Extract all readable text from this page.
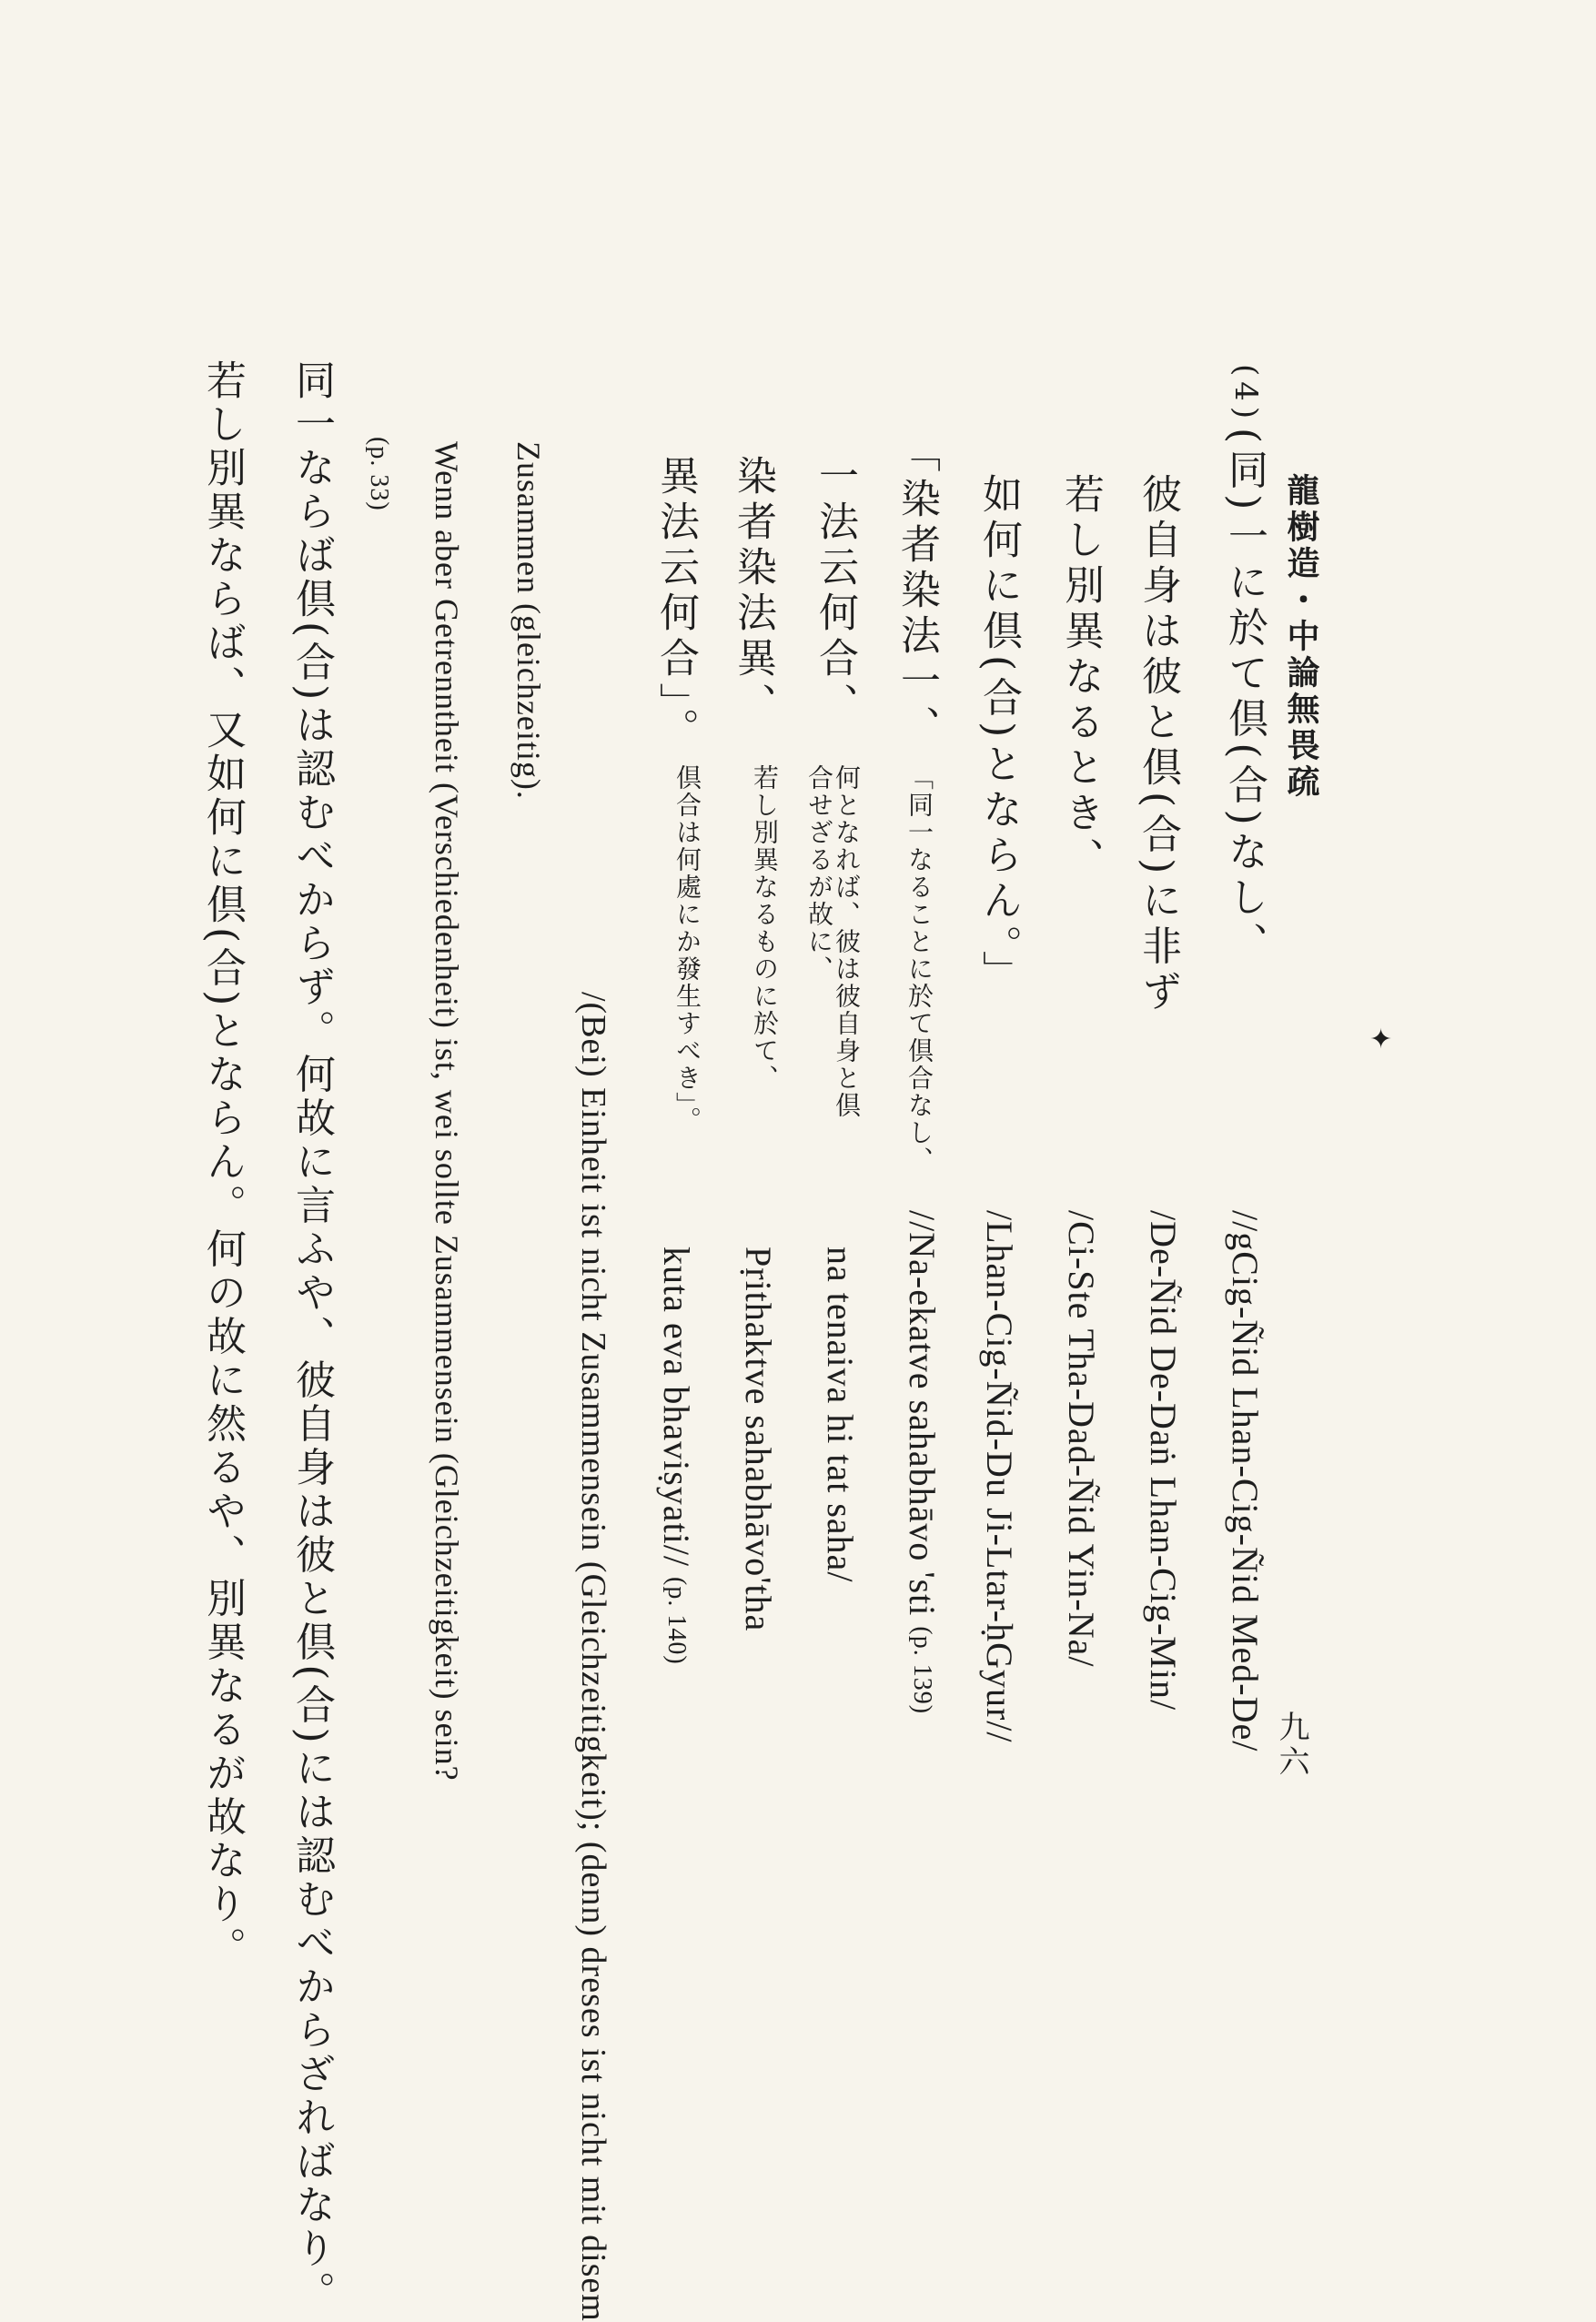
龍樹造・中論無畏疏
九六
(4)
(同)一に於て倶(合)なし、
彼自身は彼と倶(合)に非ず
若し別異なるとき、
如何に倶(合)とならん。」
「染者染法一、
一法云何合、
染者染法異、
異法云何合」。
「同一なることに於て倶合なし、
何となれば、彼は彼自身と倶
合せざるが故に、
若し別異なるものに於て、
倶合は何處にか發生すべき」。
//gCig-Ñid Lhan-Cig-Ñid Med-De/
/De-Ñid De-Daṅ Lhan-Cig-Min/
/Ci-Ste Tha-Dad-Ñid Yin-Na/
/Lhan-Cig-Ñid-Du Ji-Ltar-ḥGyur//
//Na-ekatve sahabhāvo 'sti (p. 139)
na tenaiva hi tat saha/
Pṛithaktve sahabhāvo'tha
kuta eva bhaviṣyati// (p. 140)
/(Bei) Einheit ist nicht Zusammensein (Gleichzeitigkeit); (denn) dreses ist nicht mit disem
Zusammen (gleichzeitig).
(p. 33) Wenn aber Getrenntheit (Verschiedenheit) ist, wei sollte Zusammensein (Gleichzeitigkeit) sein?
同一ならば倶(合)は認むべからず。何故に言ふや、彼自身は彼と倶(合)には認むべからざればなり。
若し別異ならば、又如何に倶(合)とならん。何の故に然るや、別異なるが故なり。	✦
